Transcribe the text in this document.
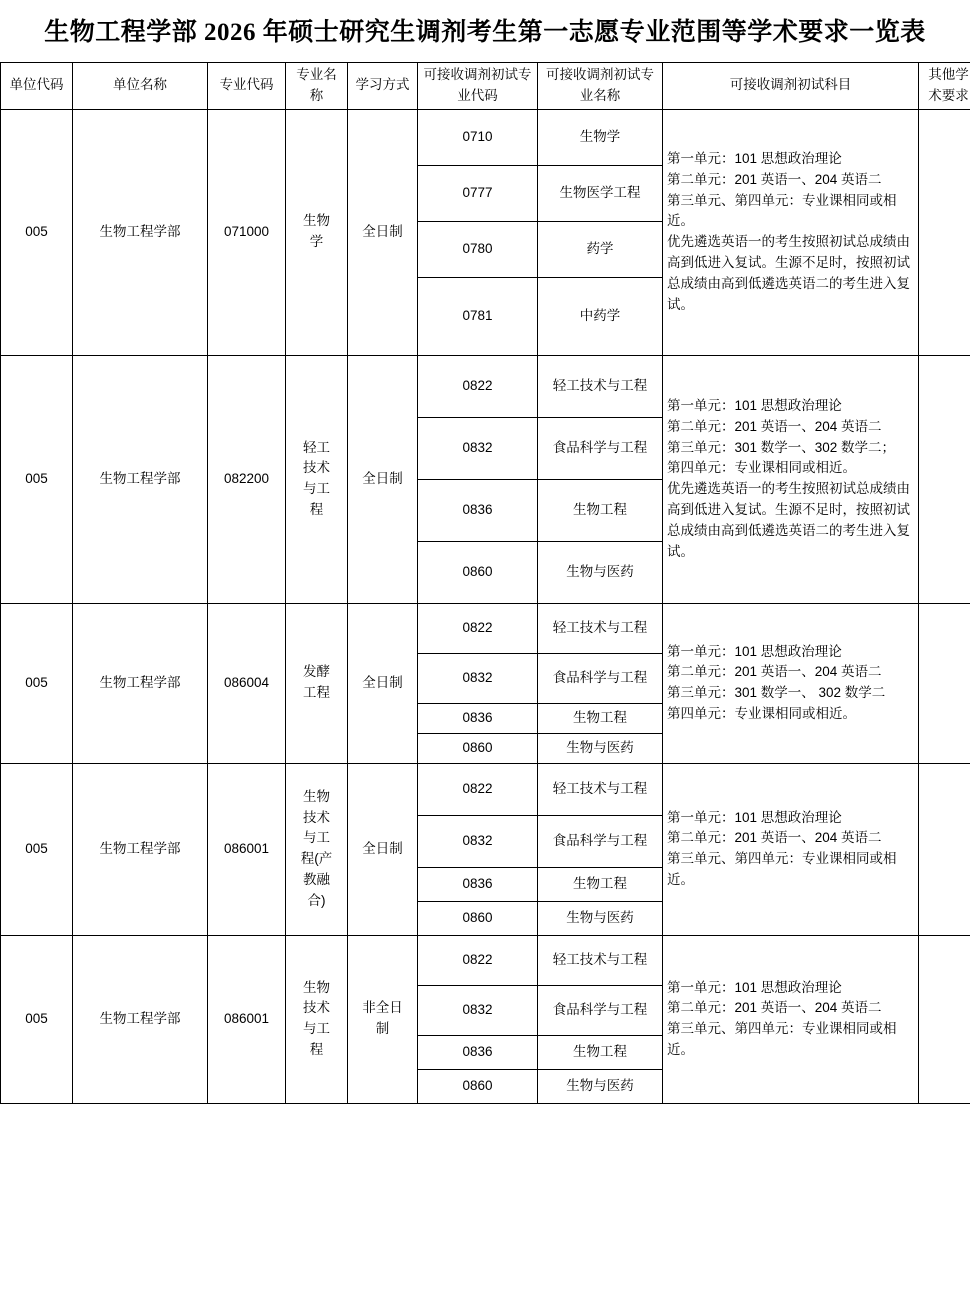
生物工程学部 2026 年硕士研究生调剂考生第一志愿专业范围等学术要求一览表
单位代码	单位名称	专业代码	专业名称	学习方式	可接收调剂初试专业代码	可接收调剂初试专业名称	可接收调剂初试科目	其他学术要求
005	生物工程学部	071000	生物学	全日制	0710	生物学	第一单元：101 思想政治理论
第二单元：201 英语一、204 英语二
第三单元、第四单元：专业课相同或相近。
优先遴选英语一的考生按照初试总成绩由高到低进入复试。生源不足时，按照初试总成绩由高到低遴选英语二的考生进入复试。	

					0777	生物医学工程		
					0780	药学		
					0781	中药学		
005	生物工程学部	082200	轻工技术与工程	全日制	0822	轻工技术与工程	第一单元：101 思想政治理论
第二单元：201 英语一、204 英语二
第三单元：301 数学一、302 数学二；
第四单元：专业课相同或相近。
优先遴选英语一的考生按照初试总成绩由高到低进入复试。生源不足时，按照初试总成绩由高到低遴选英语二的考生进入复试。	

					0832	食品科学与工程		
					0836	生物工程		
					0860	生物与医药		
005	生物工程学部	086004	发酵工程	全日制	0822	轻工技术与工程	第一单元：101 思想政治理论
第二单元：201 英语一、204 英语二
第三单元：301 数学一、 302 数学二
第四单元：专业课相同或相近。	

					0832	食品科学与工程		
					0836	生物工程		
					0860	生物与医药		
005	生物工程学部	086001	生物技术与工程(产教融合)	全日制	0822	轻工技术与工程	第一单元：101 思想政治理论
第二单元：201 英语一、204 英语二
第三单元、第四单元：专业课相同或相近。	

					0832	食品科学与工程		
					0836	生物工程		
					0860	生物与医药		
005	生物工程学部	086001	生物技术与工程	非全日制	0822	轻工技术与工程	第一单元：101 思想政治理论
第二单元：201 英语一、204 英语二
第三单元、第四单元：专业课相同或相近。	

					0832	食品科学与工程		
					0836	生物工程		
					0860	生物与医药		
